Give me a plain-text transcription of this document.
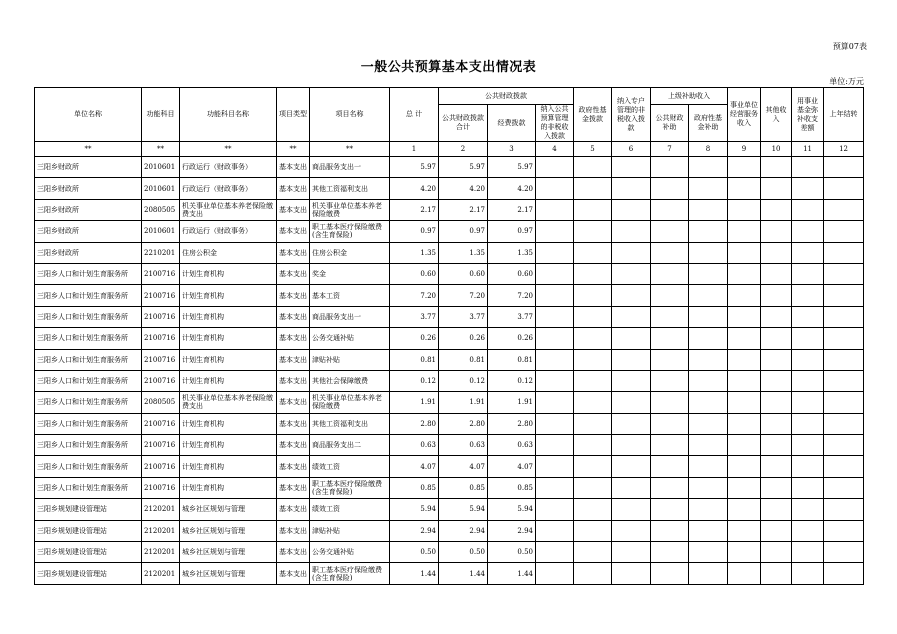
预算07表
一般公共预算基本支出情况表
单位:万元
单位名称	功能科目	功能科目名称	项目类型	项目名称	总 计	公共财政拨款			政府性基金拨款	纳入专户管理的非税收入拨款	上级补助收入		事业单位经营服务收入	其他收入	用事业基金弥补收支差额	上年结转
						公共财政拨款合计	经费拨款	纳入公共预算管理的非税收入拨款								
											公共财政补助	政府性基金补助				
**	**	**	**	**	1	2	3	4	5	6	7	8	9	10	11	12
三阳乡财政所	2010601	行政运行（财政事务）	基本支出	商品服务支出一	5.97	5.97	5.97									
三阳乡财政所	2010601	行政运行（财政事务）	基本支出	其他工资福利支出	4.20	4.20	4.20									
三阳乡财政所	2080505	机关事业单位基本养老保险缴费支出	基本支出	机关事业单位基本养老保险缴费	2.17	2.17	2.17									
三阳乡财政所	2010601	行政运行（财政事务）	基本支出	职工基本医疗保险缴费(含生育保险)	0.97	0.97	0.97									
三阳乡财政所	2210201	住房公积金	基本支出	住房公积金	1.35	1.35	1.35									
三阳乡人口和计划生育服务所	2100716	计划生育机构	基本支出	奖金	0.60	0.60	0.60									
三阳乡人口和计划生育服务所	2100716	计划生育机构	基本支出	基本工资	7.20	7.20	7.20									
三阳乡人口和计划生育服务所	2100716	计划生育机构	基本支出	商品服务支出一	3.77	3.77	3.77									
三阳乡人口和计划生育服务所	2100716	计划生育机构	基本支出	公务交通补贴	0.26	0.26	0.26									
三阳乡人口和计划生育服务所	2100716	计划生育机构	基本支出	津贴补贴	0.81	0.81	0.81									
三阳乡人口和计划生育服务所	2100716	计划生育机构	基本支出	其他社会保障缴费	0.12	0.12	0.12									
三阳乡人口和计划生育服务所	2080505	机关事业单位基本养老保险缴费支出	基本支出	机关事业单位基本养老保险缴费	1.91	1.91	1.91									
三阳乡人口和计划生育服务所	2100716	计划生育机构	基本支出	其他工资福利支出	2.80	2.80	2.80									
三阳乡人口和计划生育服务所	2100716	计划生育机构	基本支出	商品服务支出二	0.63	0.63	0.63									
三阳乡人口和计划生育服务所	2100716	计划生育机构	基本支出	绩效工资	4.07	4.07	4.07									
三阳乡人口和计划生育服务所	2100716	计划生育机构	基本支出	职工基本医疗保险缴费(含生育保险)	0.85	0.85	0.85									
三阳乡规划建设管理站	2120201	城乡社区规划与管理	基本支出	绩效工资	5.94	5.94	5.94									
三阳乡规划建设管理站	2120201	城乡社区规划与管理	基本支出	津贴补贴	2.94	2.94	2.94									
三阳乡规划建设管理站	2120201	城乡社区规划与管理	基本支出	公务交通补贴	0.50	0.50	0.50									
三阳乡规划建设管理站	2120201	城乡社区规划与管理	基本支出	职工基本医疗保险缴费(含生育保险)	1.44	1.44	1.44									
